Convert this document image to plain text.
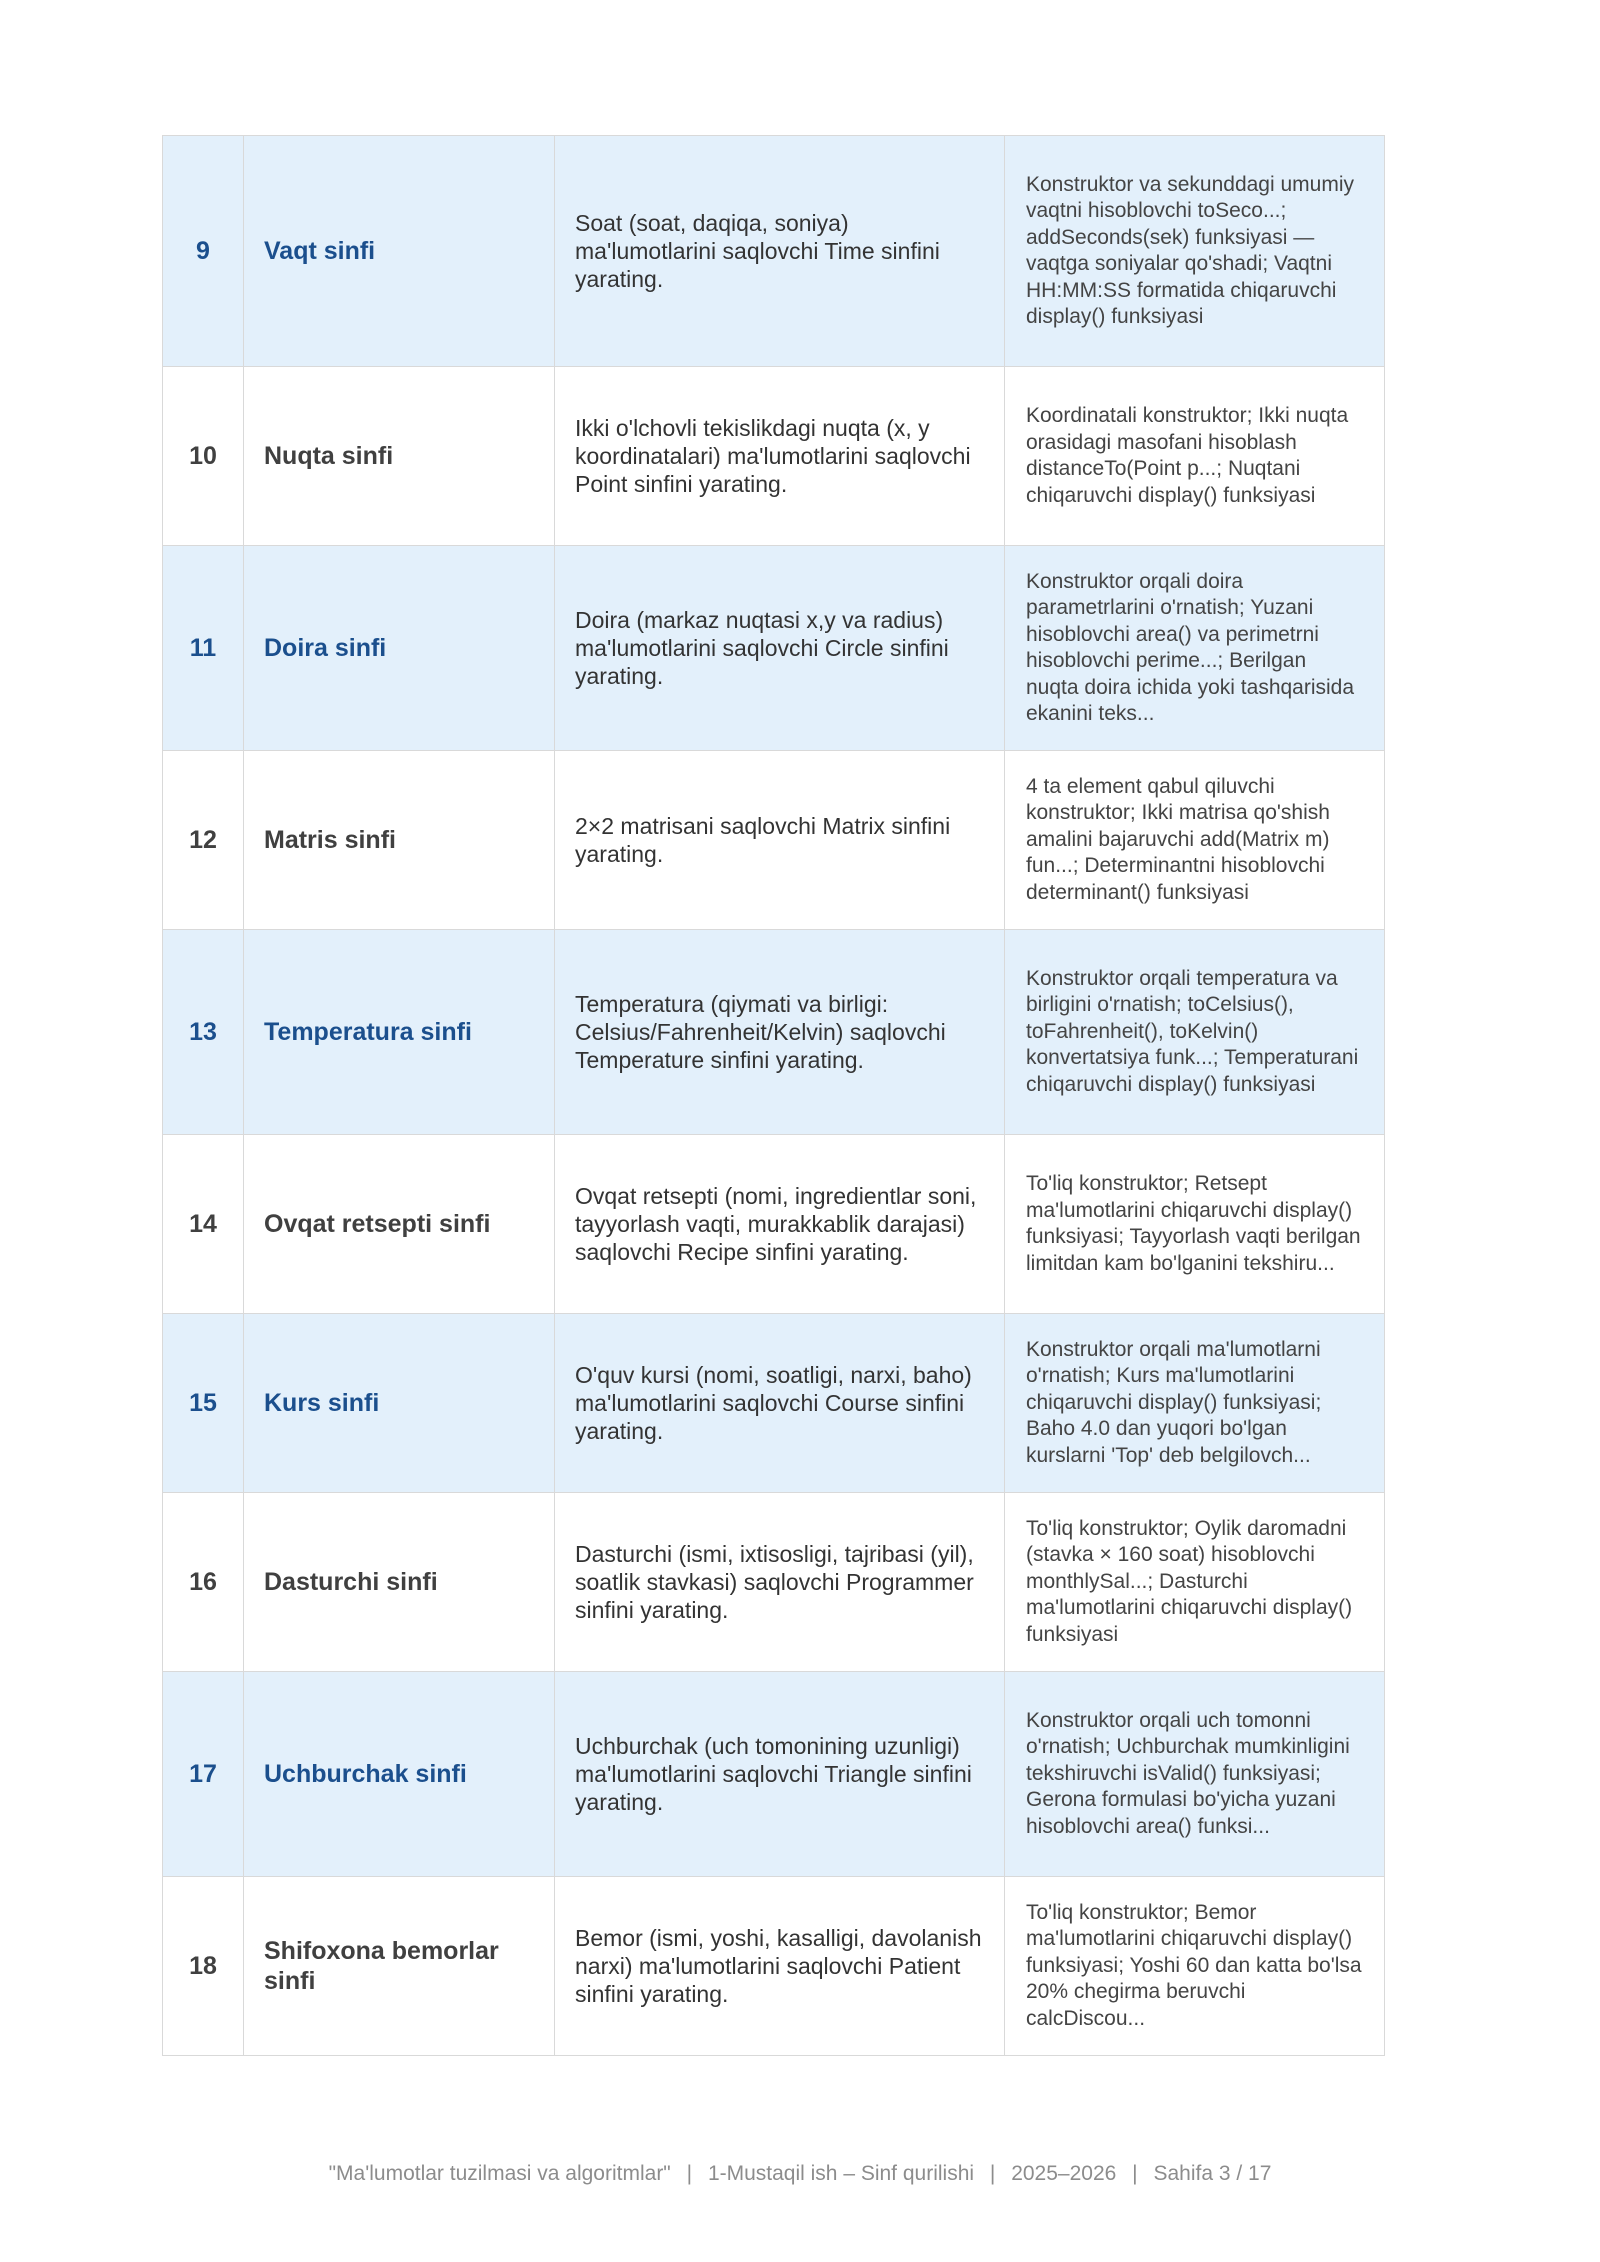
9	Vaqt sinfi	Soat (soat, daqiqa, soniya) ma'lumotlarini saqlovchi Time sinfini yarating.	Konstruktor va sekunddagi umumiy vaqtni hisoblovchi toSeco...; addSeconds(sek) funksiyasi — vaqtga soniyalar qo'shadi; Vaqtni HH:MM:SS formatida chiqaruvchi display() funksiyasi
10	Nuqta sinfi	Ikki o'lchovli tekislikdagi nuqta (x, y koordinatalari) ma'lumotlarini saqlovchi Point sinfini yarating.	Koordinatali konstruktor; Ikki nuqta orasidagi masofani hisoblash distanceTo(Point p...; Nuqtani chiqaruvchi display() funksiyasi
11	Doira sinfi	Doira (markaz nuqtasi x,y va radius) ma'lumotlarini saqlovchi Circle sinfini yarating.	Konstruktor orqali doira parametrlarini o'rnatish; Yuzani hisoblovchi area() va perimetrni hisoblovchi perime...; Berilgan nuqta doira ichida yoki tashqarisida ekanini teks...
12	Matris sinfi	2×2 matrisani saqlovchi Matrix sinfini yarating.	4 ta element qabul qiluvchi konstruktor; Ikki matrisa qo'shish amalini bajaruvchi add(Matrix m) fun...; Determinantni hisoblovchi determinant() funksiyasi
13	Temperatura sinfi	Temperatura (qiymati va birligi: Celsius/Fahrenheit/Kelvin) saqlovchi Temperature sinfini yarating.	Konstruktor orqali temperatura va birligini o'rnatish; toCelsius(), toFahrenheit(), toKelvin() konvertatsiya funk...; Temperaturani chiqaruvchi display() funksiyasi
14	Ovqat retsepti sinfi	Ovqat retsepti (nomi, ingredientlar soni, tayyorlash vaqti, murakkablik darajasi) saqlovchi Recipe sinfini yarating.	To'liq konstruktor; Retsept ma'lumotlarini chiqaruvchi display() funksiyasi; Tayyorlash vaqti berilgan limitdan kam bo'lganini tekshiru...
15	Kurs sinfi	O'quv kursi (nomi, soatligi, narxi, baho) ma'lumotlarini saqlovchi Course sinfini yarating.	Konstruktor orqali ma'lumotlarni o'rnatish; Kurs ma'lumotlarini chiqaruvchi display() funksiyasi; Baho 4.0 dan yuqori bo'lgan kurslarni 'Top' deb belgilovch...
16	Dasturchi sinfi	Dasturchi (ismi, ixtisosligi, tajribasi (yil), soatlik stavkasi) saqlovchi Programmer sinfini yarating.	To'liq konstruktor; Oylik daromadni (stavka × 160 soat) hisoblovchi monthlySal...; Dasturchi ma'lumotlarini chiqaruvchi display() funksiyasi
17	Uchburchak sinfi	Uchburchak (uch tomonining uzunligi) ma'lumotlarini saqlovchi Triangle sinfini yarating.	Konstruktor orqali uch tomonni o'rnatish; Uchburchak mumkinligini tekshiruvchi isValid() funksiyasi; Gerona formulasi bo'yicha yuzani hisoblovchi area() funksi...
18	Shifoxona bemorlar sinfi	Bemor (ismi, yoshi, kasalligi, davolanish narxi) ma'lumotlarini saqlovchi Patient sinfini yarating.	To'liq konstruktor; Bemor ma'lumotlarini chiqaruvchi display() funksiyasi; Yoshi 60 dan katta bo'lsa 20% chegirma beruvchi calcDiscou...
"Ma'lumotlar tuzilmasi va algoritmlar" | 1-Mustaqil ish – Sinf qurilishi | 2025–2026 | Sahifa 3 / 17
